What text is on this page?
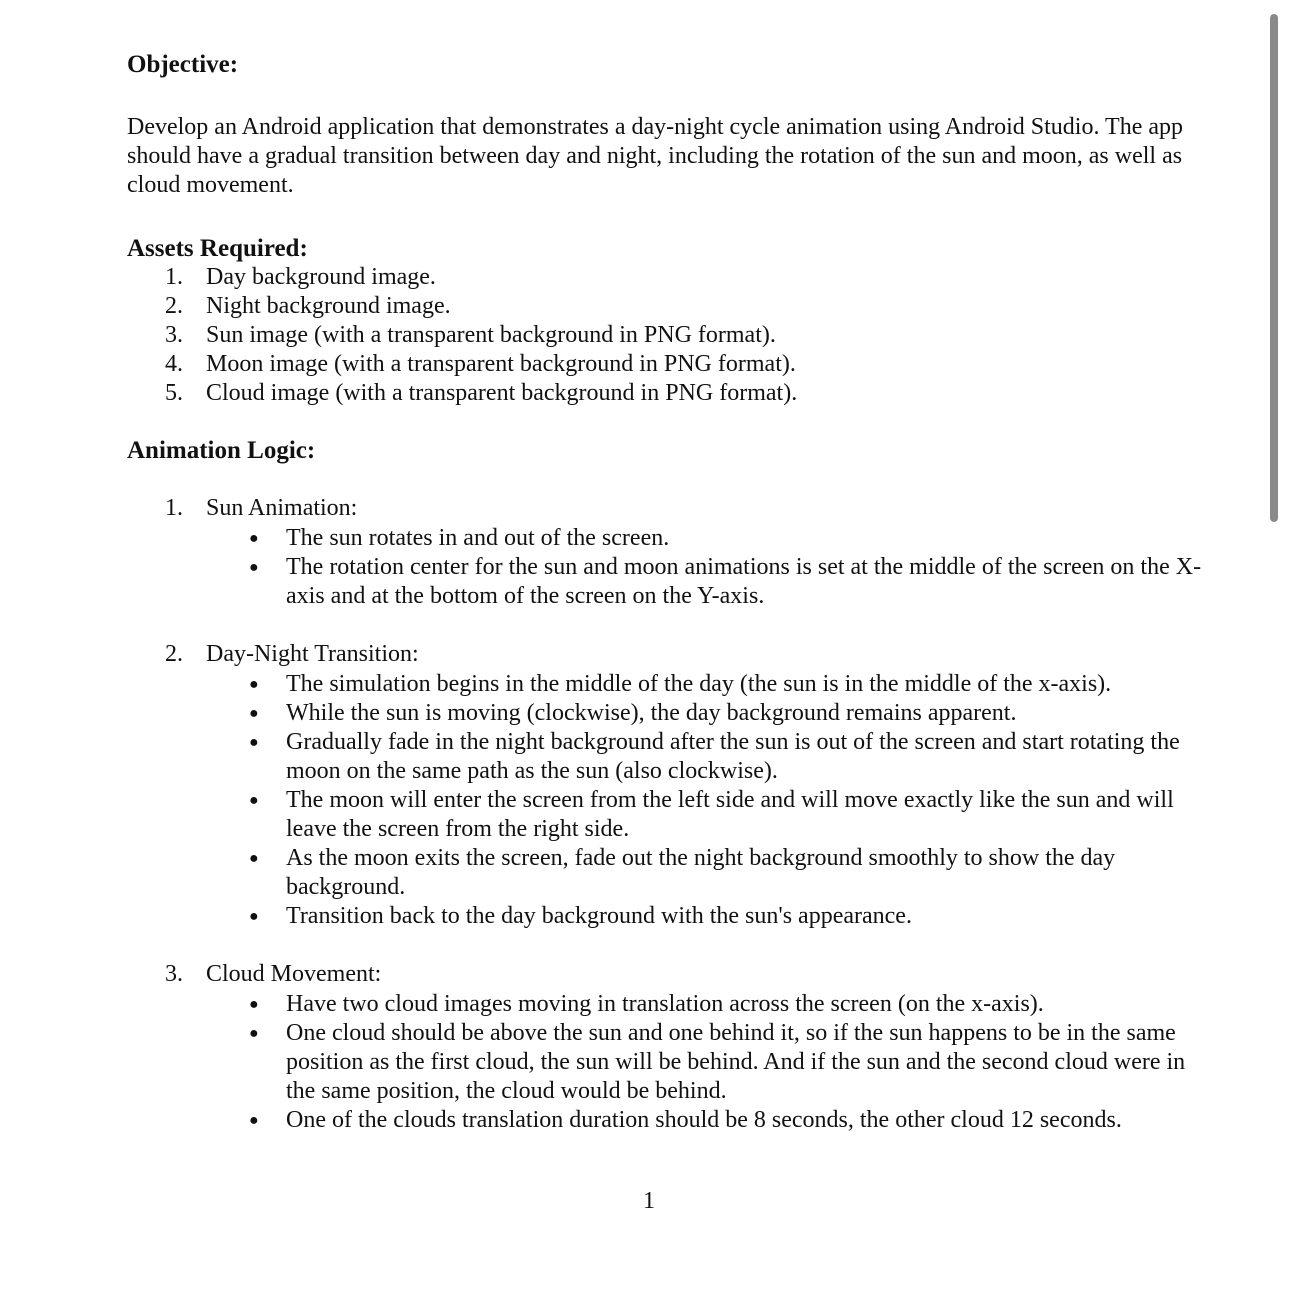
Objective:

Develop an Android application that demonstrates a day-night cycle animation using Android Studio. The app should have a gradual transition between day and night, including the rotation of the sun and moon, as well as cloud movement.

Assets Required:

1. Day background image.
2. Night background image.
3. Sun image (with a transparent background in PNG format).
4. Moon image (with a transparent background in PNG format).
5. Cloud image (with a transparent background in PNG format).

Animation Logic:

1. Sun Animation:
● The sun rotates in and out of the screen.
● The rotation center for the sun and moon animations is set at the middle of the screen on the X-axis and at the bottom of the screen on the Y-axis.
2. Day-Night Transition:
● The simulation begins in the middle of the day (the sun is in the middle of the x-axis).
● While the sun is moving (clockwise), the day background remains apparent.
● Gradually fade in the night background after the sun is out of the screen and start rotating the moon on the same path as the sun (also clockwise).
● The moon will enter the screen from the left side and will move exactly like the sun and will leave the screen from the right side.
● As the moon exits the screen, fade out the night background smoothly to show the day background.
● Transition back to the day background with the sun's appearance.
3. Cloud Movement:
● Have two cloud images moving in translation across the screen (on the x-axis).
● One cloud should be above the sun and one behind it, so if the sun happens to be in the same position as the first cloud, the sun will be behind. And if the sun and the second cloud were in the same position, the cloud would be behind.
● One of the clouds translation duration should be 8 seconds, the other cloud 12 seconds.
1
